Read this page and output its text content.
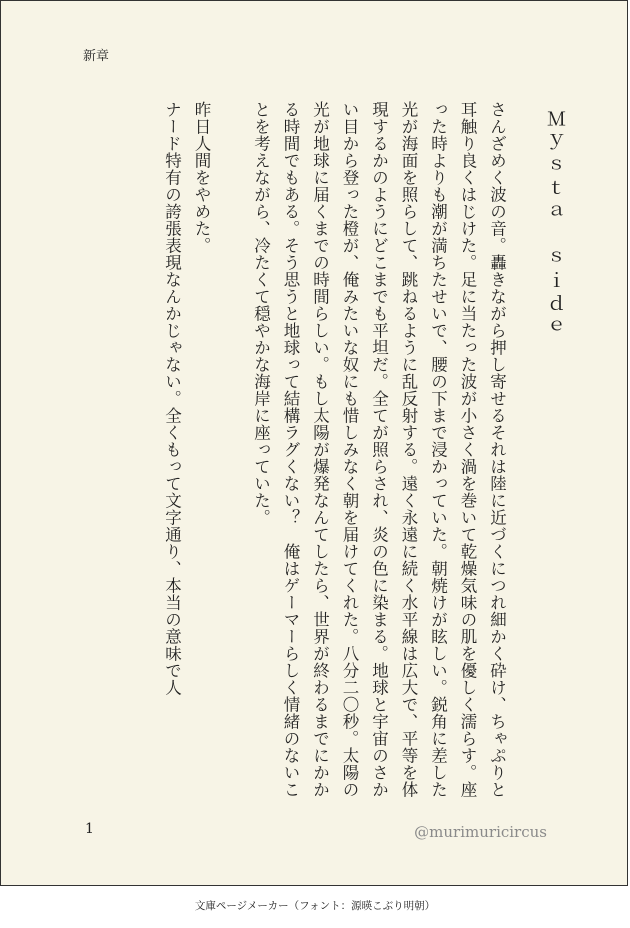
新章
Ｍｙｓｔａ　ｓｉｄｅ
さんざめく波の音。轟きながら押し寄せるそれは陸に近づくにつれ細かく砕け、ちゃぷりと耳触り良くはじけた。足に当たった波が小さく渦を巻いて乾燥気味の肌を優しく濡らす。座った時よりも潮が満ちたせいで、腰の下まで浸かっていた。朝焼けが眩しい。鋭角に差した光が海面を照らして、跳ねるように乱反射する。遠く永遠に続く水平線は広大で、平等を体現するかのようにどこまでも平坦だ。全てが照らされ、炎の色に染まる。地球と宇宙のさかい目から登った橙が、俺みたいな奴にも惜しみなく朝を届けてくれた。八分二〇秒。太陽の光が地球に届くまでの時間らしい。もし太陽が爆発なんてしたら、世界が終わるまでにかかる時間でもある。そう思うと地球って結構ラグくない？　俺はゲーマーらしく情緒のないことを考えながら、冷たくて穏やかな海岸に座っていた。
昨日人間をやめた。
ナード特有の誇張表現なんかじゃない。全くもって文字通り、本当の意味で人
1	@murimuricircus
文庫ページメーカー（フォント：源暎こぶり明朝）
